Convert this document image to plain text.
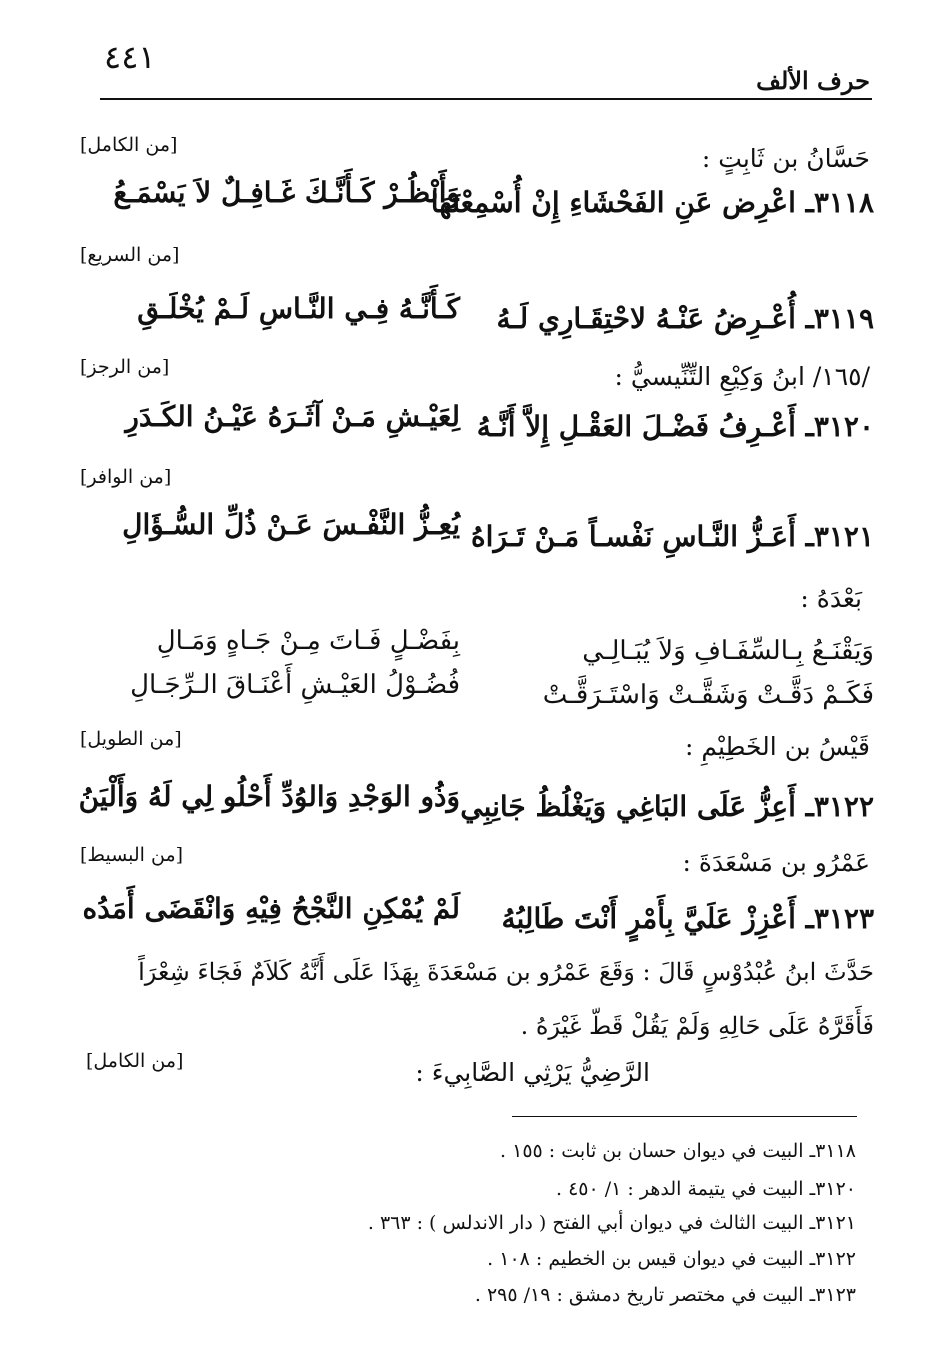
٤٤١
حرف الألف
حَسَّانُ بن ثَابِتٍ :
[من الكامل]
٣١١٨ـ اعْرِض عَنِ الفَحْشَاءِ إِنْ أُسْمِعْتَهَا
وَأَنْظُـرْ كَـأَنَّـكَ غَـافِـلٌ لاَ يَسْمَـعُ
[من السريع]
٣١١٩ـ أُعْـرِضُ عَنْـهُ لاحْتِقَـارِي لَـهُ
كَـأَنَّـهُ فِـي النَّـاسِ لَـمْ يُخْلَـقِ
/١٦٥/ ابنُ وَكِيْعِ التِّنِّيسيُّ :
[من الرجز]
٣١٢٠ـ أَعْـرِفُ فَضْـلَ العَقْـلِ إِلاَّ أَنَّـهُ
لِعَيْـشِ مَـنْ آثَـرَهُ عَيْـنُ الكَـدَرِ
[من الوافر]
٣١٢١ـ أَعَـزُّ النَّـاسِ نَفْسـاً مَـنْ تَـرَاهُ
يُعِـزُّ النَّفْـسَ عَـنْ ذُلِّ السُّـؤَالِ
بَعْدَهُ :
وَيَقْنَـعُ بِـالسِّفَـافِ وَلاَ يُبَـالِـي
بِفَضْـلٍ فَـاتَ مِـنْ جَـاهٍ وَمَـالِ
فَكَـمْ دَقَّـتْ وَشَقَّـتْ وَاسْتَـرَقَّـتْ
فُضُـوْلُ العَيْـشِ أَعْنَـاقَ الـرِّجَـالِ
قَيْسُ بن الخَطِيْمِ :
[من الطويل]
٣١٢٢ـ أَعِزُّ عَلَى البَاغِي وَيَغْلُظُ جَانِبِي
وَذُو الوَجْدِ وَالوُدِّ أَحْلُو لِي لَهُ وَأَلْيَنُ
عَمْرُو بن مَسْعَدَةَ :
[من البسيط]
٣١٢٣ـ أَعْزِزْ عَلَيَّ بِأَمْرٍ أَنْتَ طَالِبُهُ
لَمْ يُمْكِنِ النَّجْحُ فِيْهِ وَانْقَضَى أَمَدُه
حَدَّثَ ابنُ عُبْدُوْسٍ قَالَ : وَقَعَ عَمْرُو بن مَسْعَدَةَ بِهَذَا عَلَى أَنَّهُ كَلاَمٌ فَجَاءَ شِعْرَاً
فَأَقَرَّهُ عَلَى حَالِهِ وَلَمْ يَقُلْ قَطّ غَيْرَهُ .
الرَّضِيُّ يَرْثِي الصَّابِيءَ :
[من الكامل]
٣١١٨ـ البيت في ديوان حسان بن ثابت : ١٥٥ .
٣١٢٠ـ البيت في يتيمة الدهر : ١/ ٤٥٠ .
٣١٢١ـ البيت الثالث في ديوان أبي الفتح ( دار الاندلس ) : ٣٦٣ .
٣١٢٢ـ البيت في ديوان قيس بن الخطيم : ١٠٨ .
٣١٢٣ـ البيت في مختصر تاريخ دمشق : ١٩/ ٢٩٥ .
